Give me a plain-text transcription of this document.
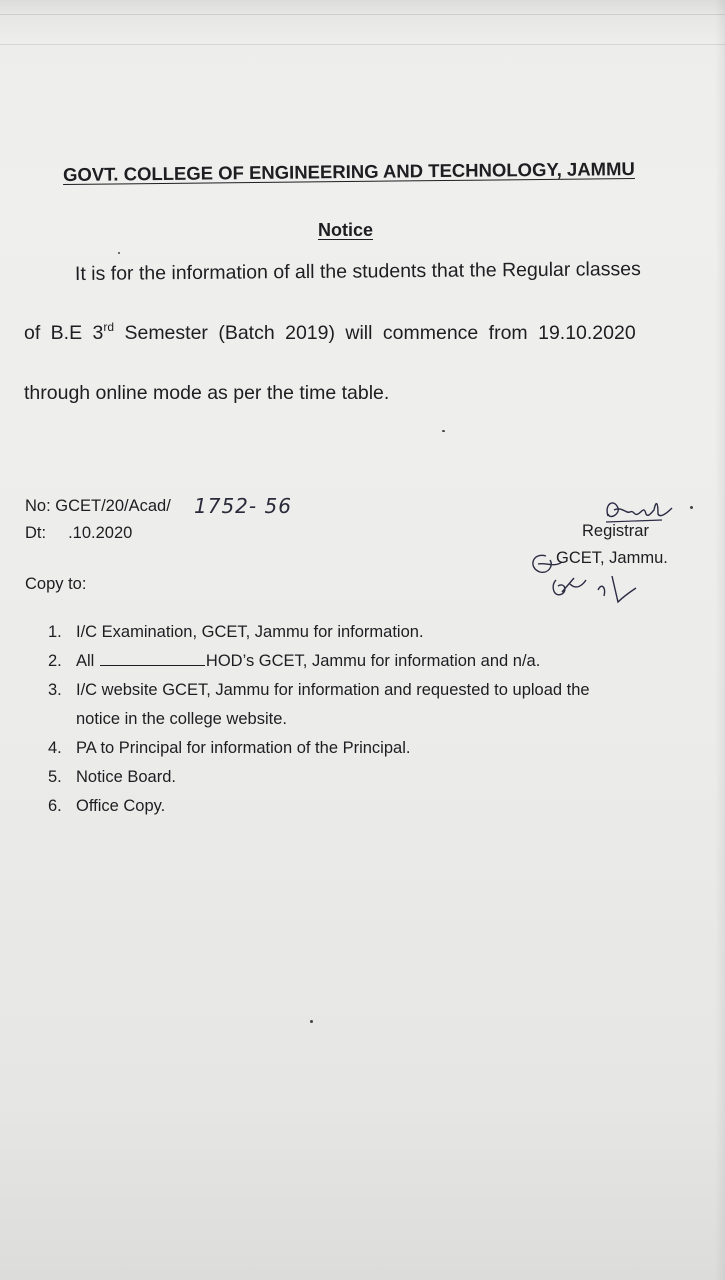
GOVT. COLLEGE OF ENGINEERING AND TECHNOLOGY, JAMMU
Notice
It is for the information of all the students that the Regular classes
of B.E 3rd Semester (Batch 2019) will commence from 19.10.2020
through online mode as per the time table.
No: GCET/20/Acad/ 1752- 56
Dt: .10.2020	Registrar
GCET, Jammu.
Copy to:
1. I/C Examination, GCET, Jammu for information.
2. All	HOD’s GCET, Jammu for information and n/a.
3. I/C website GCET, Jammu for information and requested to upload the
notice in the college website.
4. PA to Principal for information of the Principal.
5. Notice Board.
6. Office Copy.
